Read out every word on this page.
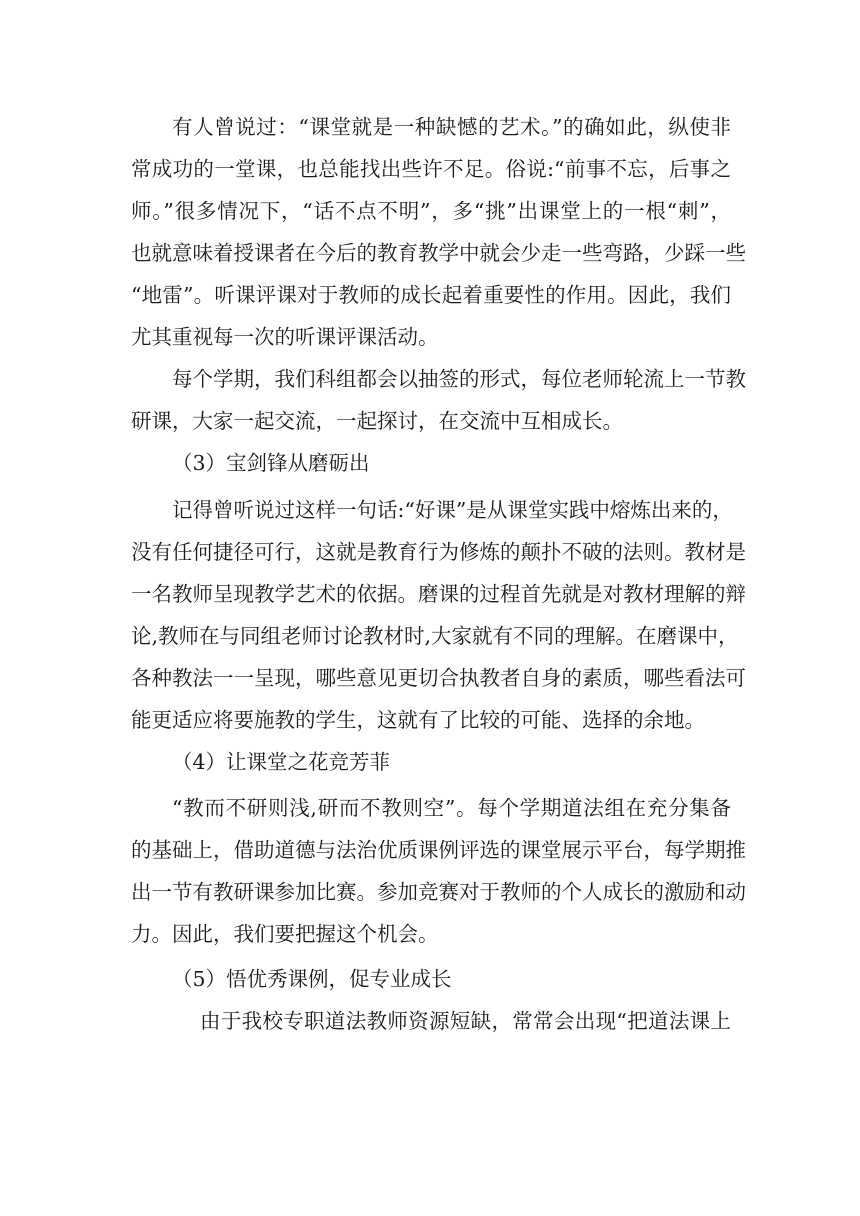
有人曾说过：“课堂就是一种缺憾的艺术。”的确如此，纵使非
常成功的一堂课，也总能找出些许不足。俗说:“前事不忘，后事之
师。”很多情况下，“话不点不明”，多“挑”出课堂上的一根“刺”，
也就意味着授课者在今后的教育教学中就会少走一些弯路，少踩一些
“地雷”。听课评课对于教师的成长起着重要性的作用。因此，我们
尤其重视每一次的听课评课活动。
每个学期，我们科组都会以抽签的形式，每位老师轮流上一节教
研课，大家一起交流，一起探讨，在交流中互相成长。
（3）宝剑锋从磨砺出
记得曾听说过这样一句话:“好课”是从课堂实践中熔炼出来的，
没有任何捷径可行，这就是教育行为修炼的颠扑不破的法则。教材是
一名教师呈现教学艺术的依据。磨课的过程首先就是对教材理解的辩
论,教师在与同组老师讨论教材时,大家就有不同的理解。在磨课中，
各种教法一一呈现，哪些意见更切合执教者自身的素质，哪些看法可
能更适应将要施教的学生，这就有了比较的可能、选择的余地。
（4）让课堂之花竞芳菲
“教而不研则浅,研而不教则空”。每个学期道法组在充分集备
的基础上，借助道德与法治优质课例评选的课堂展示平台，每学期推
出一节有教研课参加比赛。参加竞赛对于教师的个人成长的激励和动
力。因此，我们要把握这个机会。
（5）悟优秀课例，促专业成长
由于我校专职道法教师资源短缺，常常会出现“把道法课上
